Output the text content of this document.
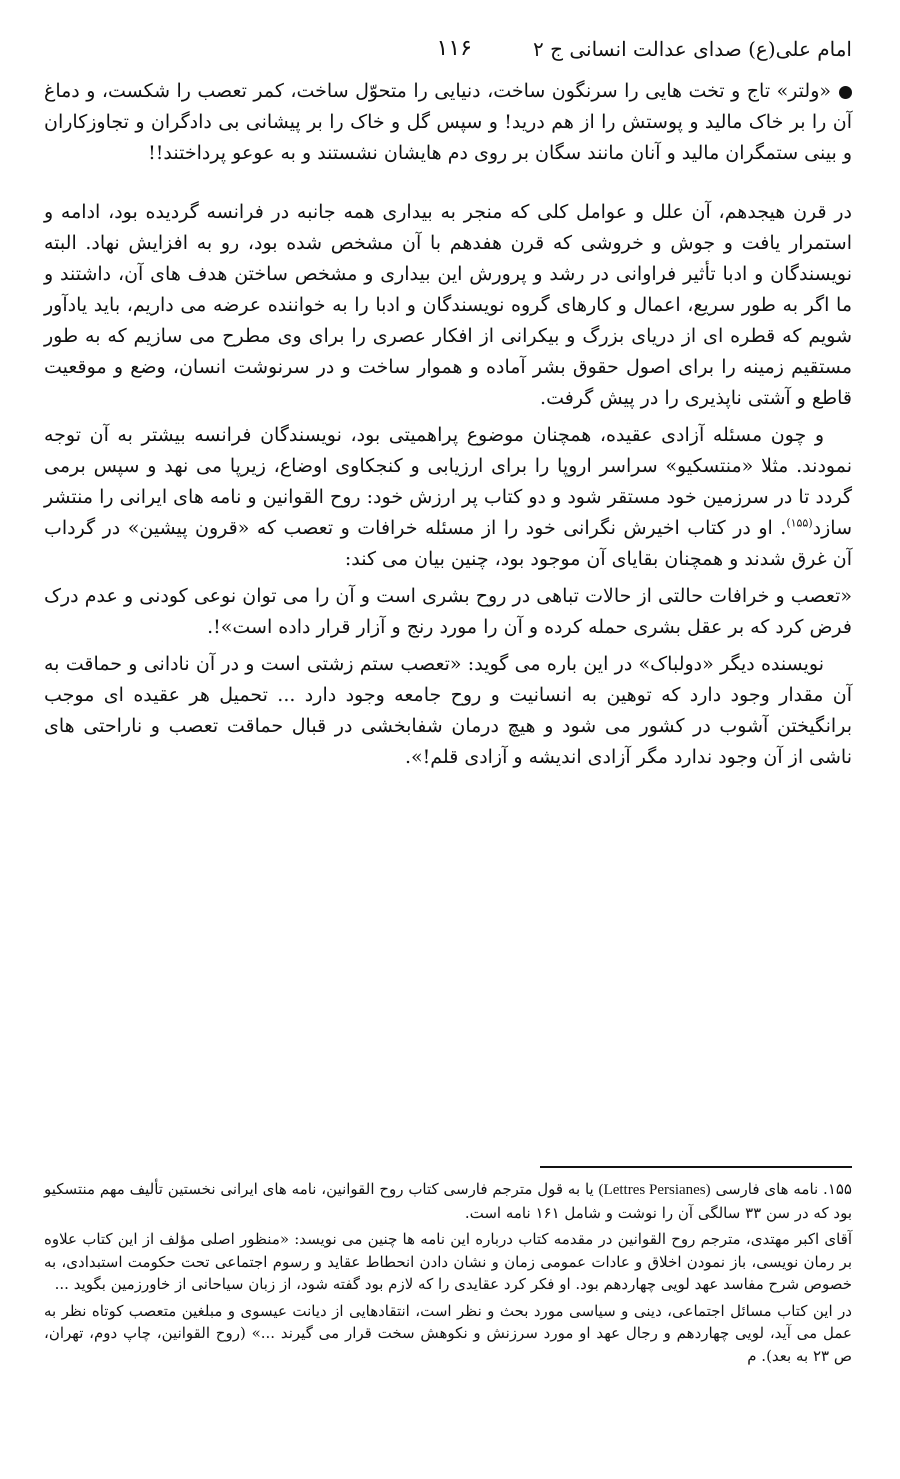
امام علی(ع) صدای عدالت انسانی ج ۲
۱۱۶

«ولتر» تاج و تخت هایی را سرنگون ساخت، دنیایی را متحوّل ساخت، کمر تعصب را شکست، و دماغ آن را بر خاک مالید و پوستش را از هم درید! و سپس گل و خاک را بر پیشانی بی دادگران و تجاوزکاران و بینی ستمگران مالید و آنان مانند سگان بر روی دم هایشان نشستند و به عوعو پرداختند!!

در قرن هیجدهم، آن علل و عوامل کلی که منجر به بیداری همه جانبه در فرانسه گردیده بود، ادامه و استمرار یافت و جوش و خروشی که قرن هفدهم با آن مشخص شده بود، رو به افزایش نهاد. البته نویسندگان و ادبا تأثیر فراوانی در رشد و پرورش این بیداری و مشخص ساختن هدف های آن، داشتند و ما اگر به طور سریع، اعمال و کارهای گروه نویسندگان و ادبا را به خواننده عرضه می داریم، باید یادآور شویم که قطره ای از دریای بزرگ و بیکرانی از افکار عصری را برای وی مطرح می سازیم که به طور مستقیم زمینه را برای اصول حقوق بشر آماده و هموار ساخت و در سرنوشت انسان، وضع و موقعیت قاطع و آشتی ناپذیری را در پیش گرفت.

و چون مسئله آزادی عقیده، همچنان موضوع پراهمیتی بود، نویسندگان فرانسه بیشتر به آن توجه نمودند. مثلا «منتسکیو» سراسر اروپا را برای ارزیابی و کنجکاوی اوضاع، زیرپا می نهد و سپس برمی گردد تا در سرزمین خود مستقر شود و دو کتاب پر ارزش خود: روح القوانین و نامه های ایرانی را منتشر سازد$^{(۱۵۵)}$. او در کتاب اخیرش نگرانی خود را از مسئله خرافات و تعصب که «قرون پیشین» در گرداب آن غرق شدند و همچنان بقایای آن موجود بود، چنین بیان می کند:

«تعصب و خرافات حالتی از حالات تباهی در روح بشری است و آن را می توان نوعی کودنی و عدم درک فرض کرد که بر عقل بشری حمله کرده و آن را مورد رنج و آزار قرار داده است»!.

نویسنده دیگر «دولباک» در این باره می گوید: «تعصب ستم زشتی است و در آن نادانی و حماقت به آن مقدار وجود دارد که توهین به انسانیت و روح جامعه وجود دارد ... تحمیل هر عقیده ای موجب برانگیختن آشوب در کشور می شود و هیچ درمان شفابخشی در قبال حماقت تعصب و ناراحتی های ناشی از آن وجود ندارد مگر آزادی اندیشه و آزادی قلم!».

۱۵۵. نامه های فارسی (Lettres Persianes) یا به قول مترجم فارسی کتاب روح القوانین، نامه های ایرانی نخستین تألیف مهم منتسکیو بود که در سن ۳۳ سالگی آن را نوشت و شامل ۱۶۱ نامه است.

آقای اکبر مهتدی، مترجم روح القوانین در مقدمه کتاب درباره این نامه ها چنین می نویسد: «منظور اصلی مؤلف از این کتاب علاوه بر رمان نویسی، باز نمودن اخلاق و عادات عمومی زمان و نشان دادن انحطاط عقاید و رسوم اجتماعی تحت حکومت استبدادی، به خصوص شرح مفاسد عهد لویی چهاردهم بود. او فکر کرد عقایدی را که لازم بود گفته شود، از زبان سیاحانی از خاورزمین بگوید ...

در این کتاب مسائل اجتماعی، دینی و سیاسی مورد بحث و نظر است، انتقادهایی از دیانت عیسوی و مبلغین متعصب کوتاه نظر به عمل می آید، لویی چهاردهم و رجال عهد او مورد سرزنش و نکوهش سخت قرار می گیرند ...» (روح القوانین، چاپ دوم، تهران، ص ۲۳ به بعد). م
